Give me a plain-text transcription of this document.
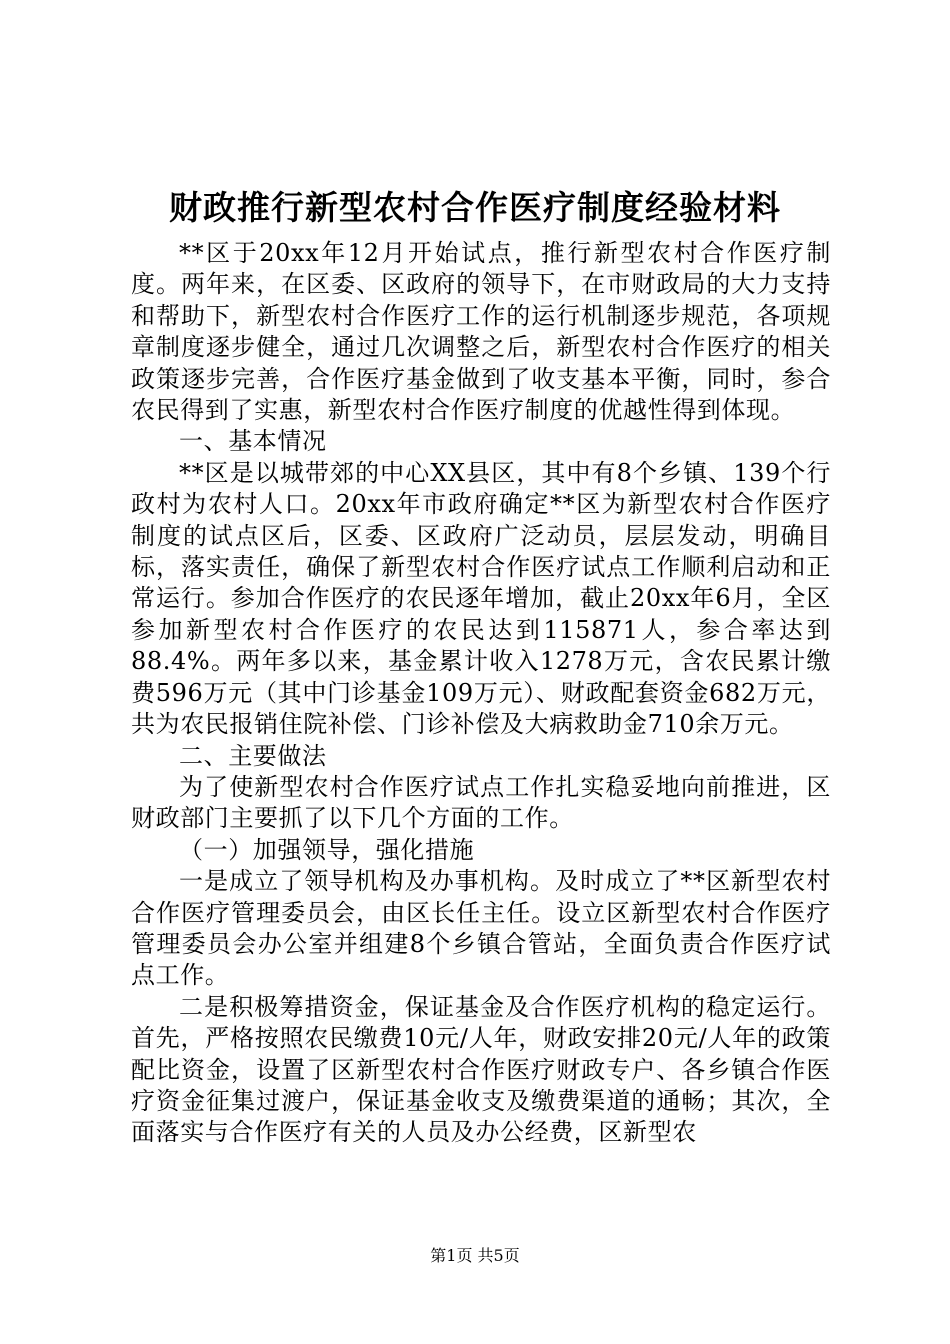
财政推行新型农村合作医疗制度经验材料

**区于20xx年12月开始试点，推行新型农村合作医疗制度。两年来，在区委、区政府的领导下，在市财政局的大力支持和帮助下，新型农村合作医疗工作的运行机制逐步规范，各项规章制度逐步健全，通过几次调整之后，新型农村合作医疗的相关政策逐步完善，合作医疗基金做到了收支基本平衡，同时，参合农民得到了实惠，新型农村合作医疗制度的优越性得到体现。

一、基本情况

**区是以城带郊的中心XX县区，其中有8个乡镇、139个行政村为农村人口。20xx年市政府确定**区为新型农村合作医疗制度的试点区后，区委、区政府广泛动员，层层发动，明确目标，落实责任，确保了新型农村合作医疗试点工作顺利启动和正常运行。参加合作医疗的农民逐年增加，截止20xx年6月，全区参加新型农村合作医疗的农民达到115871人，参合率达到88.4%。两年多以来，基金累计收入1278万元，含农民累计缴费596万元（其中门诊基金109万元）、财政配套资金682万元，共为农民报销住院补偿、门诊补偿及大病救助金710余万元。

二、主要做法

为了使新型农村合作医疗试点工作扎实稳妥地向前推进，区财政部门主要抓了以下几个方面的工作。

（一）加强领导，强化措施

一是成立了领导机构及办事机构。及时成立了**区新型农村合作医疗管理委员会，由区长任主任。设立区新型农村合作医疗管理委员会办公室并组建8个乡镇合管站，全面负责合作医疗试点工作。

二是积极筹措资金，保证基金及合作医疗机构的稳定运行。首先，严格按照农民缴费10元/人年，财政安排20元/人年的政策配比资金，设置了区新型农村合作医疗财政专户、各乡镇合作医疗资金征集过渡户，保证基金收支及缴费渠道的通畅；其次，全面落实与合作医疗有关的人员及办公经费，区新型农

第1页 共5页
